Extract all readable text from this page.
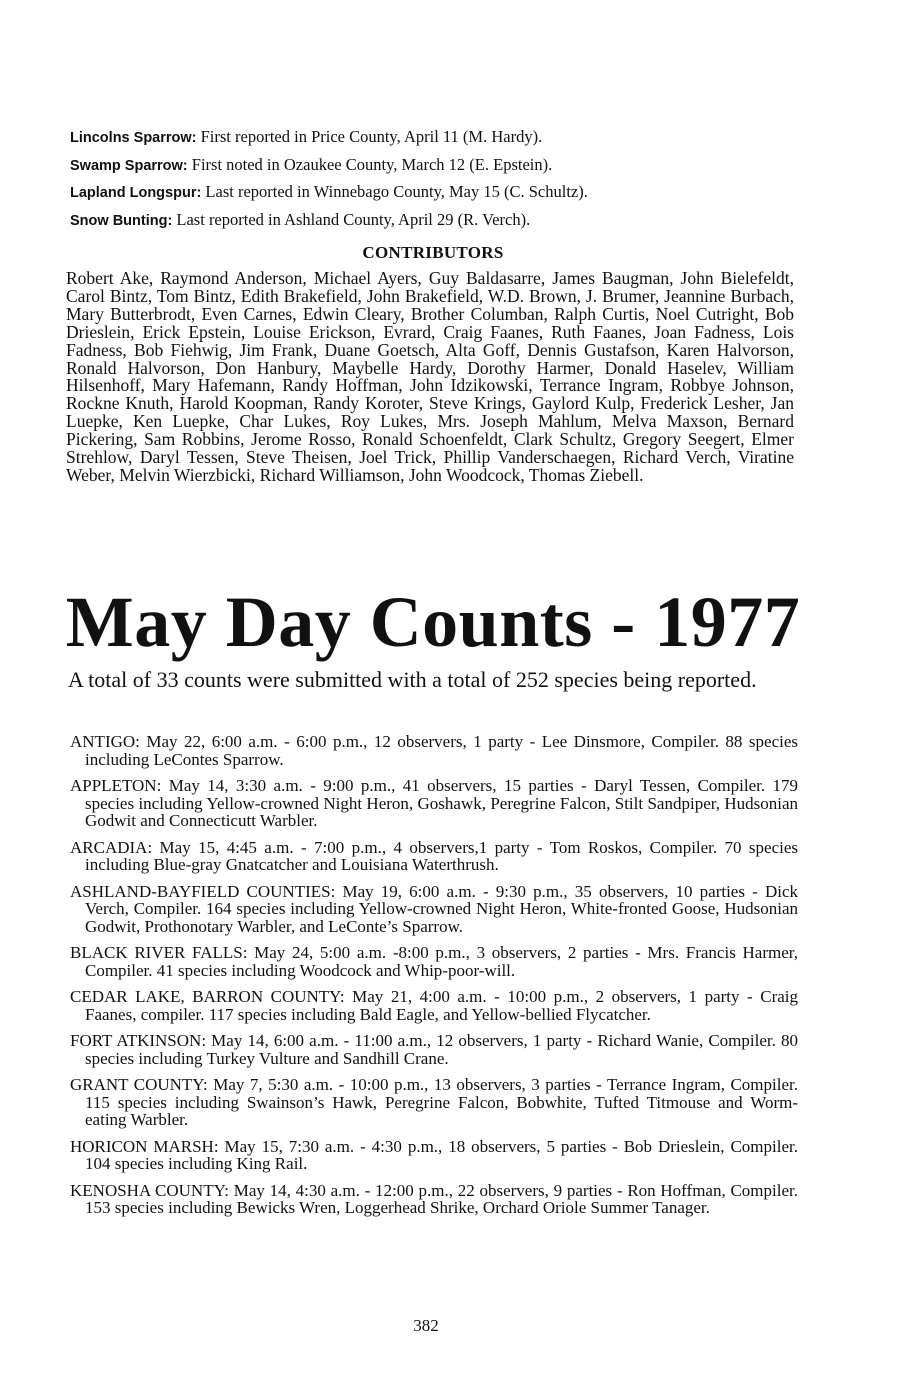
Lincolns Sparrow: First reported in Price County, April 11 (M. Hardy).

Swamp Sparrow: First noted in Ozaukee County, March 12 (E. Epstein).

Lapland Longspur: Last reported in Winnebago County, May 15 (C. Schultz).

Snow Bunting: Last reported in Ashland County, April 29 (R. Verch).

CONTRIBUTORS
Robert Ake, Raymond Anderson, Michael Ayers, Guy Baldasarre, James Baugman, John Bielefeldt, Carol Bintz, Tom Bintz, Edith Brakefield, John Brakefield, W.D. Brown, J. Brumer, Jeannine Burbach, Mary Butterbrodt, Even Carnes, Edwin Cleary, Brother Columban, Ralph Curtis, Noel Cutright, Bob Drieslein, Erick Epstein, Louise Erickson, Evrard, Craig Faanes, Ruth Faanes, Joan Fadness, Lois Fadness, Bob Fiehwig, Jim Frank, Duane Goetsch, Alta Goff, Dennis Gustafson, Karen Halvorson, Ronald Halvorson, Don Hanbury, Maybelle Hardy, Dorothy Harmer, Donald Haselev, William Hilsenhoff, Mary Hafemann, Randy Hoffman, John Idzikowski, Terrance Ingram, Robbye Johnson, Rockne Knuth, Harold Koopman, Randy Koroter, Steve Krings, Gaylord Kulp, Frederick Lesher, Jan Luepke, Ken Luepke, Char Lukes, Roy Lukes, Mrs. Joseph Mahlum, Melva Maxson, Bernard Pickering, Sam Robbins, Jerome Rosso, Ronald Schoenfeldt, Clark Schultz, Gregory Seegert, Elmer Strehlow, Daryl Tessen, Steve Theisen, Joel Trick, Phillip Vanderschaegen, Richard Verch, Viratine Weber, Melvin Wierzbicki, Richard Williamson, John Woodcock, Thomas Ziebell.
May Day Counts - 1977

A total of 33 counts were submitted with a total of 252 species being reported.

ANTIGO: May 22, 6:00 a.m. - 6:00 p.m., 12 observers, 1 party - Lee Dinsmore, Compiler. 88 species including LeContes Sparrow.

APPLETON: May 14, 3:30 a.m. - 9:00 p.m., 41 observers, 15 parties - Daryl Tessen, Compiler. 179 species including Yellow-crowned Night Heron, Goshawk, Peregrine Falcon, Stilt Sandpiper, Hudsonian Godwit and Connecticutt Warbler.

ARCADIA: May 15, 4:45 a.m. - 7:00 p.m., 4 observers,1 party - Tom Roskos, Compiler. 70 species including Blue-gray Gnatcatcher and Louisiana Waterthrush.

ASHLAND-BAYFIELD COUNTIES: May 19, 6:00 a.m. - 9:30 p.m., 35 observers, 10 parties - Dick Verch, Compiler. 164 species including Yellow-crowned Night Heron, White-fronted Goose, Hudsonian Godwit, Prothonotary Warbler, and LeConte’s Sparrow.

BLACK RIVER FALLS: May 24, 5:00 a.m. -8:00 p.m., 3 observers, 2 parties - Mrs. Francis Harmer, Compiler. 41 species including Woodcock and Whip-poor-will.

CEDAR LAKE, BARRON COUNTY: May 21, 4:00 a.m. - 10:00 p.m., 2 observers, 1 party - Craig Faanes, compiler. 117 species including Bald Eagle, and Yellow-bellied Flycatcher.

FORT ATKINSON: May 14, 6:00 a.m. - 11:00 a.m., 12 observers, 1 party - Richard Wanie, Compiler. 80 species including Turkey Vulture and Sandhill Crane.

GRANT COUNTY: May 7, 5:30 a.m. - 10:00 p.m., 13 observers, 3 parties - Terrance Ingram, Compiler. 115 species including Swainson’s Hawk, Peregrine Falcon, Bobwhite, Tufted Titmouse and Worm-eating Warbler.

HORICON MARSH: May 15, 7:30 a.m. - 4:30 p.m., 18 observers, 5 parties - Bob Drieslein, Compiler. 104 species including King Rail.

KENOSHA COUNTY: May 14, 4:30 a.m. - 12:00 p.m., 22 observers, 9 parties - Ron Hoffman, Compiler. 153 species including Bewicks Wren, Loggerhead Shrike, Orchard Oriole Summer Tanager.

382
